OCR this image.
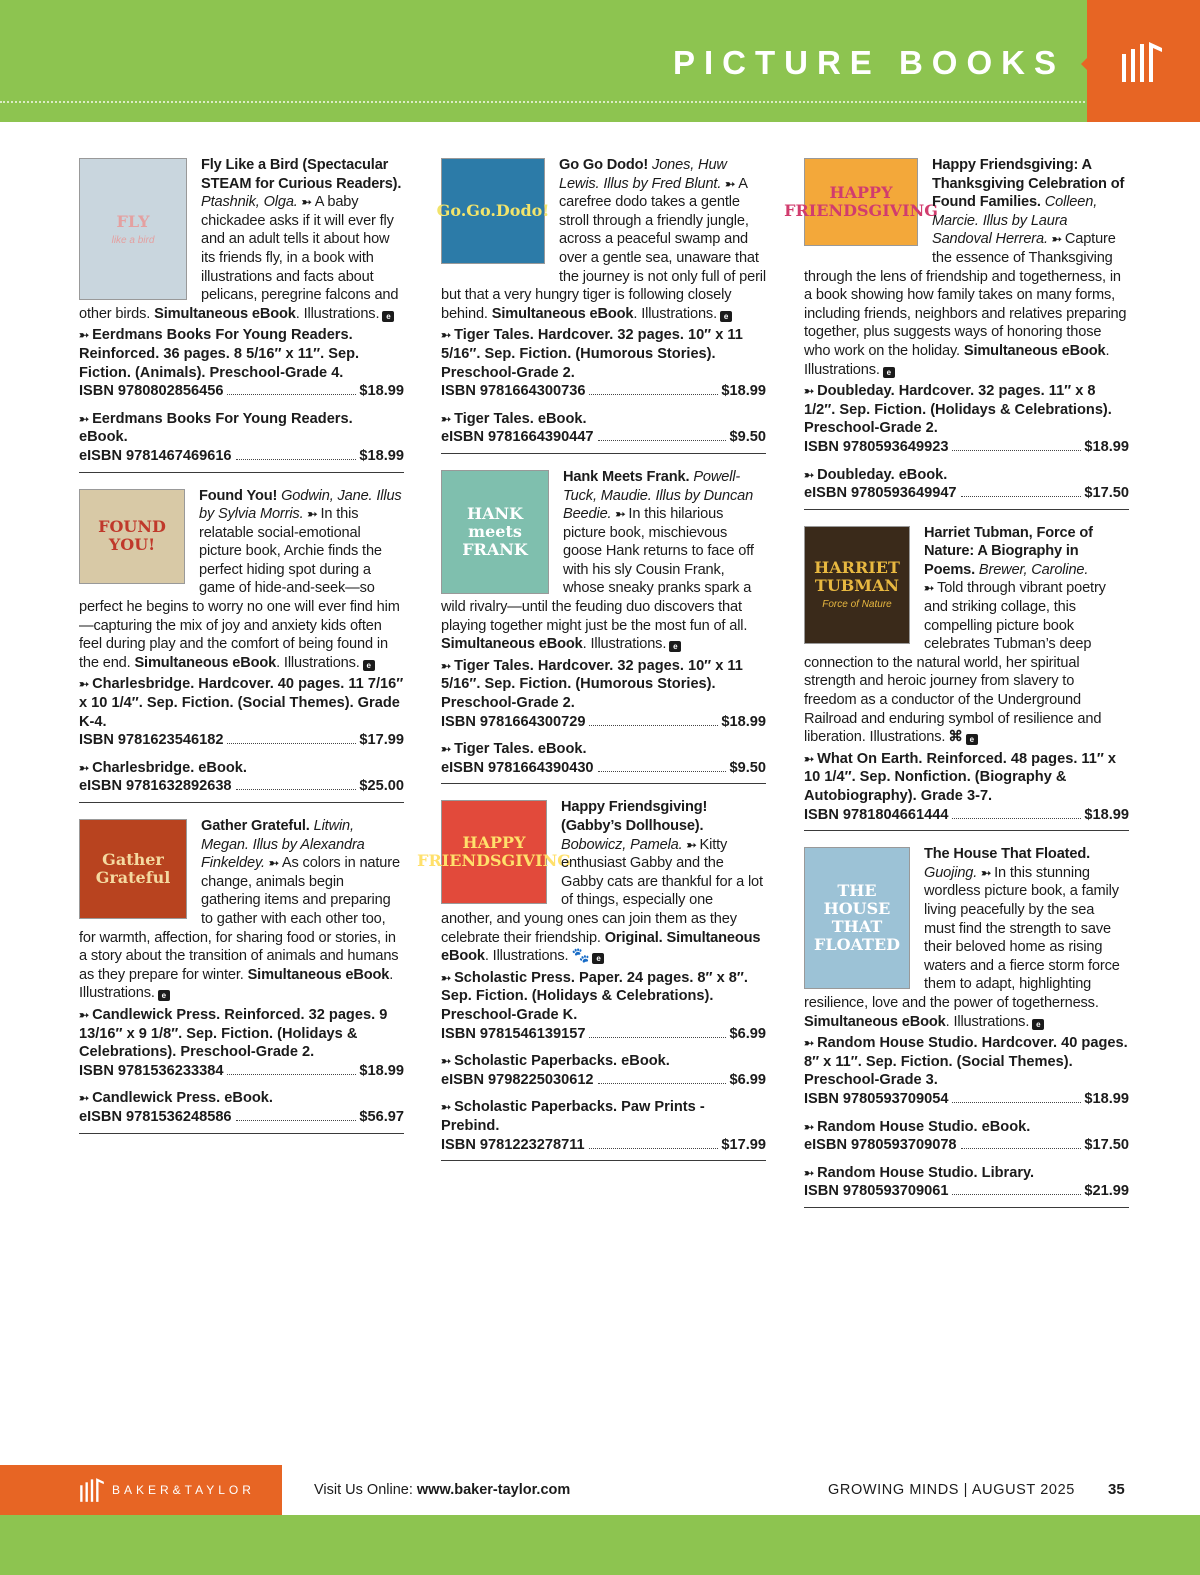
PICTURE BOOKS
FLY
like a bird
Fly Like a Bird (Spectacular STEAM for Curious Readers). Ptashnik, Olga. ➳ A baby chickadee asks if it will ever fly and an adult tells it about how its friends fly, in a book with illustrations and facts about pelicans, peregrine falcons and other birds. Simultaneous eBook. Illustrations. e
➳ Eerdmans Books For Young Readers. Reinforced. 36 pages. 8 5/16″ x 11″. Sep. Fiction. (Animals). Preschool-Grade 4.
ISBN 9780802856456	$18.99
➳ Eerdmans Books For Young Readers. eBook.
eISBN 9781467469616	$18.99
FOUND YOU!
Found You! Godwin, Jane. Illus by Sylvia Morris. ➳ In this relatable social-emotional picture book, Archie finds the perfect hiding spot during a game of hide-and-seek—so perfect he begins to worry no one will ever find him—capturing the mix of joy and anxiety kids often feel during play and the comfort of being found in the end. Simultaneous eBook. Illustrations. e
➳ Charlesbridge. Hardcover. 40 pages. 11 7/16″ x 10 1/4″. Sep. Fiction. (Social Themes). Grade K-4.
ISBN 9781623546182	$17.99
➳ Charlesbridge. eBook.
eISBN 9781632892638	$25.00
Gather Grateful
Gather Grateful. Litwin, Megan. Illus by Alexandra Finkeldey. ➳ As colors in nature change, animals begin gathering items and preparing to gather with each other too, for warmth, affection, for sharing food or stories, in a story about the transition of animals and humans as they prepare for winter. Simultaneous eBook. Illustrations. e
➳ Candlewick Press. Reinforced. 32 pages. 9 13/16″ x 9 1/8″. Sep. Fiction. (Holidays & Celebrations). Preschool-Grade 2.
ISBN 9781536233384	$18.99
➳ Candlewick Press. eBook.
eISBN 9781536248586	$56.97
Go.Go.Dodo!
Go Go Dodo! Jones, Huw Lewis. Illus by Fred Blunt. ➳ A carefree dodo takes a gentle stroll through a friendly jungle, across a peaceful swamp and over a gentle sea, unaware that the journey is not only full of peril but that a very hungry tiger is following closely behind. Simultaneous eBook. Illustrations. e
➳ Tiger Tales. Hardcover. 32 pages. 10″ x 11 5/16″. Sep. Fiction. (Humorous Stories). Preschool-Grade 2.
ISBN 9781664300736	$18.99
➳ Tiger Tales. eBook.
eISBN 9781664390447	$9.50
HANK meets FRANK
Hank Meets Frank. Powell-Tuck, Maudie. Illus by Duncan Beedie. ➳ In this hilarious picture book, mischievous goose Hank returns to face off with his sly Cousin Frank, whose sneaky pranks spark a wild rivalry—until the feuding duo discovers that playing together might just be the most fun of all. Simultaneous eBook. Illustrations. e
➳ Tiger Tales. Hardcover. 32 pages. 10″ x 11 5/16″. Sep. Fiction. (Humorous Stories). Preschool-Grade 2.
ISBN 9781664300729	$18.99
➳ Tiger Tales. eBook.
eISBN 9781664390430	$9.50
HAPPY FRIENDSGIVING
Happy Friendsgiving! (Gabby’s Dollhouse). Bobowicz, Pamela. ➳ Kitty enthusiast Gabby and the Gabby cats are thankful for a lot of things, especially one another, and young ones can join them as they celebrate their friendship. Original. Simultaneous eBook. Illustrations. 🐾 e
➳ Scholastic Press. Paper. 24 pages. 8″ x 8″. Sep. Fiction. (Holidays & Celebrations). Preschool-Grade K.
ISBN 9781546139157	$6.99
➳ Scholastic Paperbacks. eBook.
eISBN 9798225030612	$6.99
➳ Scholastic Paperbacks. Paw Prints - Prebind.
ISBN 9781223278711	$17.99
HAPPY FRIENDSGIVING
Happy Friendsgiving: A Thanksgiving Celebration of Found Families. Colleen, Marcie. Illus by Laura Sandoval Herrera. ➳ Capture the essence of Thanksgiving through the lens of friendship and togetherness, in a book showing how family takes on many forms, including friends, neighbors and relatives preparing together, plus suggests ways of honoring those who work on the holiday. Simultaneous eBook. Illustrations. e
➳ Doubleday. Hardcover. 32 pages. 11″ x 8 1/2″. Sep. Fiction. (Holidays & Celebrations). Preschool-Grade 2.
ISBN 9780593649923	$18.99
➳ Doubleday. eBook.
eISBN 9780593649947	$17.50
HARRIET TUBMAN
Force of Nature
Harriet Tubman, Force of Nature: A Biography in Poems. Brewer, Caroline. ➳ Told through vibrant poetry and striking collage, this compelling picture book celebrates Tubman’s deep connection to the natural world, her spiritual strength and heroic journey from slavery to freedom as a conductor of the Underground Railroad and enduring symbol of resilience and liberation. Illustrations. ⌘ e
➳ What On Earth. Reinforced. 48 pages. 11″ x 10 1/4″. Sep. Nonfiction. (Biography & Autobiography). Grade 3-7.
ISBN 9781804661444	$18.99
THE HOUSE THAT FLOATED
The House That Floated. Guojing. ➳ In this stunning wordless picture book, a family living peacefully by the sea must find the strength to save their beloved home as rising waters and a fierce storm force them to adapt, highlighting resilience, love and the power of togetherness. Simultaneous eBook. Illustrations. e
➳ Random House Studio. Hardcover. 40 pages. 8″ x 11″. Sep. Fiction. (Social Themes). Preschool-Grade 3.
ISBN 9780593709054	$18.99
➳ Random House Studio. eBook.
eISBN 9780593709078	$17.50
➳ Random House Studio. Library.
ISBN 9780593709061	$21.99
BAKER&TAYLOR	Visit Us Online: www.baker-taylor.com	GROWING MINDS | AUGUST 2025 35
